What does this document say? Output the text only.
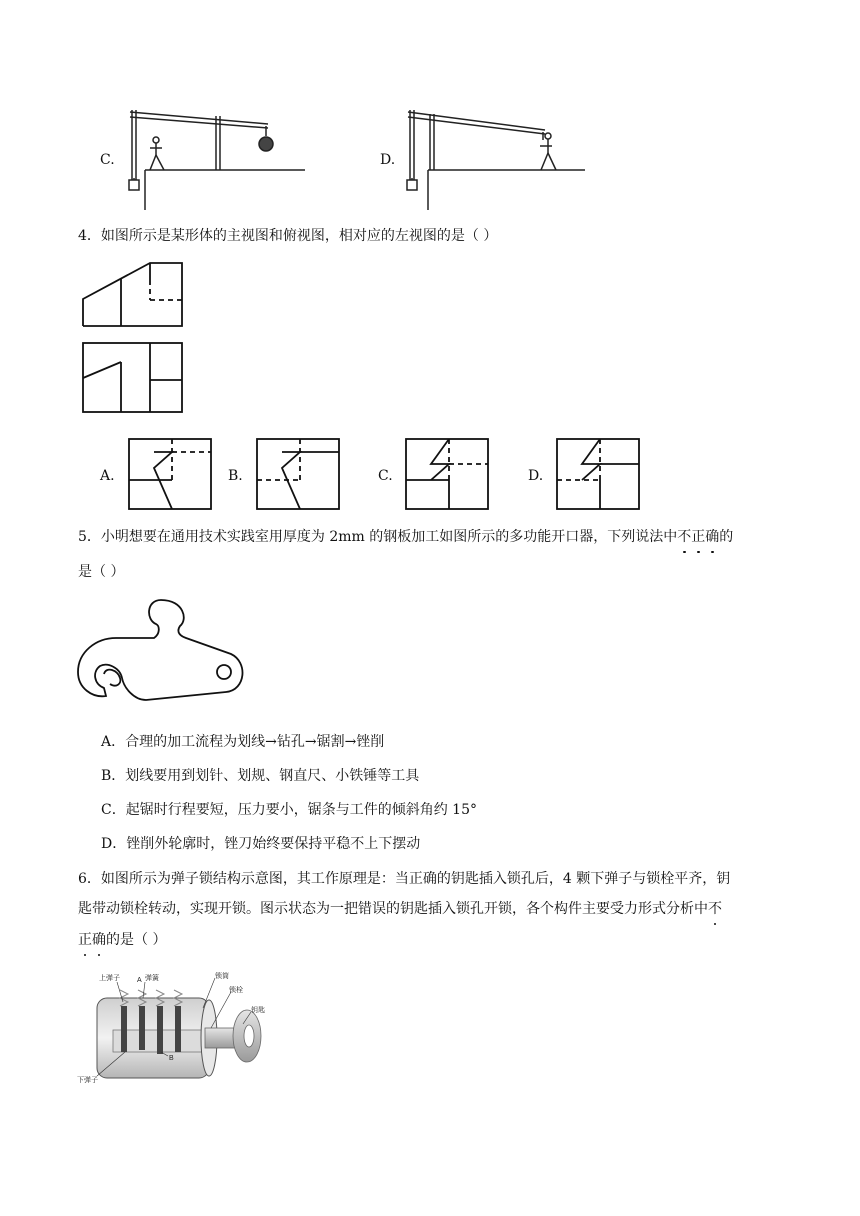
C.	D.
4．如图所示是某形体的主视图和俯视图，相对应的左视图的是（ ）
A.	B.	C.	D.
5．小明想要在通用技术实践室用厚度为 2mm 的钢板加工如图所示的多功能开口器，下列说法中不正确的
是（ ）
A．合理的加工流程为划线→钻孔→锯割→锉削
B．划线要用到划针、划规、钢直尺、小铁锤等工具
C．起锯时行程要短，压力要小，锯条与工件的倾斜角约 15°
D．锉削外轮廓时，锉刀始终要保持平稳不上下摆动
6．如图所示为弹子锁结构示意图，其工作原理是：当正确的钥匙插入锁孔后，4 颗下弹子与锁栓平齐，钥
匙带动锁栓转动，实现开锁。图示状态为一把错误的钥匙插入锁孔开锁，各个构件主要受力形式分析中不
正确的是（ ）
上弹子 A 弹簧	锁筒
锁栓
钥匙
B
下弹子
